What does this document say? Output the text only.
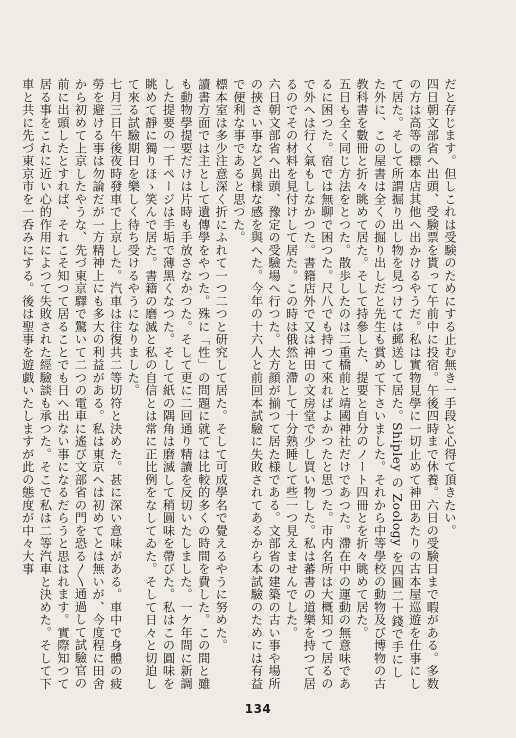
だと存じます。但しこれは受験のためにする止む無き一手段と心得て頂きたい。

四日朝文部省へ出頭、受験票を貰って午前中に投宿。午後四時まで休養。六日の受験日まで暇がある。多数の方は高等の標本店其他へ出かけるやうだ。私は實物見學に一切止めて神田あたりの古本屋巡遊を仕事にして居た。そして所謂掘り出し物を見つけては郵送して居た。Shipley の Zoology を四圓二十錢で手にした外に、この屋書は全くの掘り出しだと先生も賞めて下さいました。それから中等學校の動物及び博物の古教科書を數冊と折々眺めて居た。そして持參した、提要と自分のノート四冊とを折々眺めて居た。

五日も全く同じ方法をとつた。散歩したのは二重橋前と靖國神社だけであつた。滯在中の運動の無意味であるに困つた。宿では無聊で困つた。尺八でも持つて來ればよかつたと思つた。市内名所は大概知つて居るので外へは行く氣もしなかつた。書籍店外で又は神田の文房堂で少し買い物した。私は蕃書の道樂を持つて居るのでその材料を見付けして居た。この時は俄然と滯して十分熟睡して些一つ見えませんでした。

六日朝文部省へ出頭、豫定の受驗場へ行つた。大方顔が揃つて居た様である。文部省の建築の古い事や場所の挾さい事など異様な感を與へた。今年の十六人と前回本試驗に失敗されてあるから本試驗のためには有益で便利な事であると思つた。

標本室は多少注意深く折にふれて一つ二つと研究して居た。そして可成學名で覺えるやうに努めた。

讀書方面では主として遺傳學をやつた。殊に「性」の問題に就ては比較的多くの時間を費した。この間と雖も動物學提要だけは片時も手放さなかつた。そして更に二回通り精讀を反切いたしました。一ケ年間に新調した提要の一千ページは手垢で薄黑くなつた。そして紙の隅角は磨滅して稍圓味を帶びた。私はこの圓味を眺めて靜に獨りほゝ笑んで居た。書籍の磨滅と私の自信とは常に正比例をなしてゐた。そして日々と切迫して來る試驗期日を樂しく待ち受けるやうになりました。

七月三日午後夜時發車で上京した。汽車は往復共二等切符と決めた。甚に深い意味がある。車中で身體の疲勞を避ける事は勿論だが一方精神上にも多大の利益がある。私は東京へは初めてとは無いが、今度程に田舍から初めて上京したやうな、先づ東京驛で驚いて二つの電車に遙び文部省の門を恐る〳〵通過して試驗官の前に出頭したとすれば、それこそ知つて居ることでも日へ出ない事になるだらうと思はれます。實際知つて居る事をこれに近い心的作用によつて失敗された經驗談も承つた。そこで私は二等汽車と決めた。そして下車と共に先づ東京市を一呑みにする。後は聖事を遊戯いたしますが此の態度が中々大事

134
